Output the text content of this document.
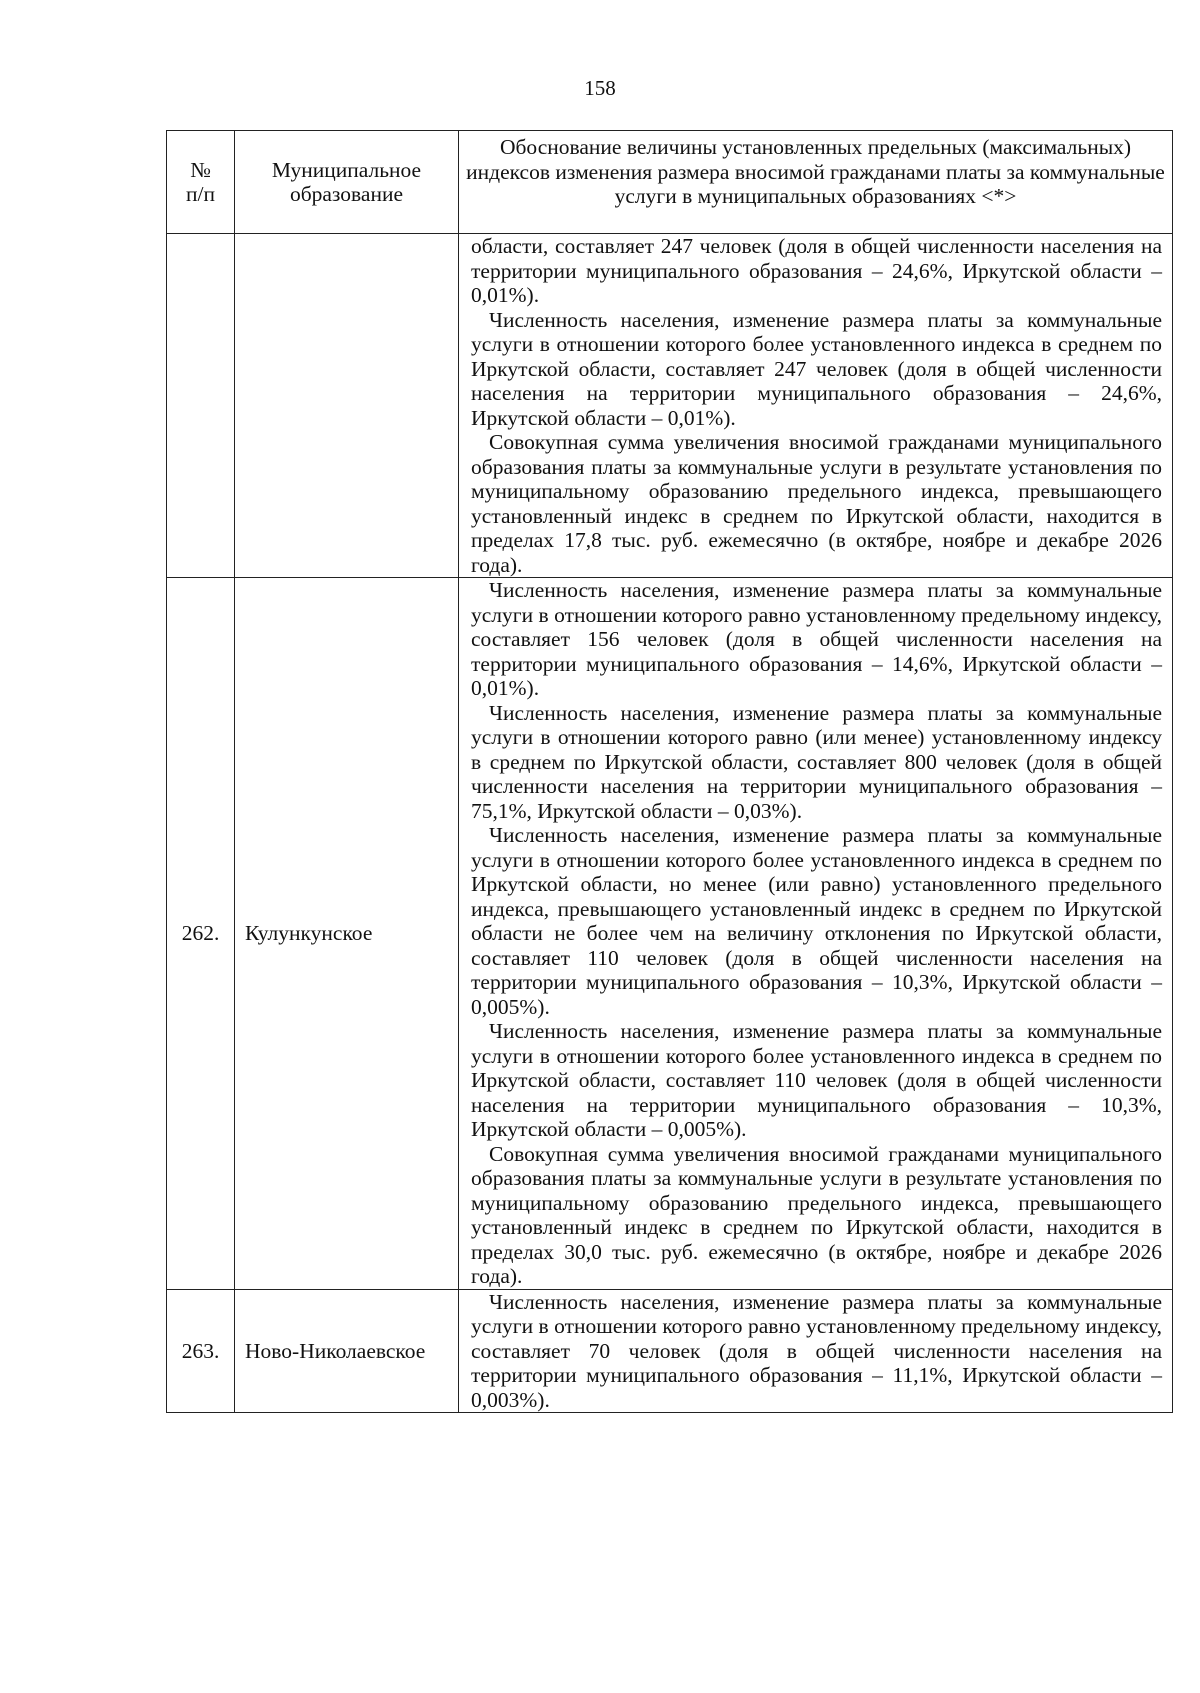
158
№ п/п	Муниципальное образование	Обоснование величины установленных предельных (максимальных) индексов изменения размера вносимой гражданами платы за коммунальные услуги в муниципальных образованиях <*>

		области, составляет 247 человек (доля в общей численности населения на территории муниципального образования – 24,6%, Иркутской области – 0,01%).

Численность населения, изменение размера платы за коммунальные услуги в отношении которого более установленного индекса в среднем по Иркутской области, составляет 247 человек (доля в общей численности населения на территории муниципального образования – 24,6%, Иркутской области – 0,01%).

Совокупная сумма увеличения вносимой гражданами муниципального образования платы за коммунальные услуги в результате установления по муниципальному образованию предельного индекса, превышающего установленный индекс в среднем по Иркутской области, находится в пределах 17,8 тыс. руб. ежемесячно (в октябре, ноябре и декабре 2026 года).

262.	Кулункунское	Численность населения, изменение размера платы за коммунальные услуги в отношении которого равно установленному предельному индексу, составляет 156 человек (доля в общей численности населения на территории муниципального образования – 14,6%, Иркутской области – 0,01%).

Численность населения, изменение размера платы за коммунальные услуги в отношении которого равно (или менее) установленному индексу в среднем по Иркутской области, составляет 800 человек (доля в общей численности населения на территории муниципального образования – 75,1%, Иркутской области – 0,03%).

Численность населения, изменение размера платы за коммунальные услуги в отношении которого более установленного индекса в среднем по Иркутской области, но менее (или равно) установленного предельного индекса, превышающего установленный индекс в среднем по Иркутской области не более чем на величину отклонения по Иркутской области, составляет 110 человек (доля в общей численности населения на территории муниципального образования – 10,3%, Иркутской области – 0,005%).

Численность населения, изменение размера платы за коммунальные услуги в отношении которого более установленного индекса в среднем по Иркутской области, составляет 110 человек (доля в общей численности населения на территории муниципального образования – 10,3%, Иркутской области – 0,005%).

Совокупная сумма увеличения вносимой гражданами муниципального образования платы за коммунальные услуги в результате установления по муниципальному образованию предельного индекса, превышающего установленный индекс в среднем по Иркутской области, находится в пределах 30,0 тыс. руб. ежемесячно (в октябре, ноябре и декабре 2026 года).

263.	Ново-Николаевское	Численность населения, изменение размера платы за коммунальные услуги в отношении которого равно установленному предельному индексу, составляет 70 человек (доля в общей численности населения на территории муниципального образования – 11,1%, Иркутской области – 0,003%).
